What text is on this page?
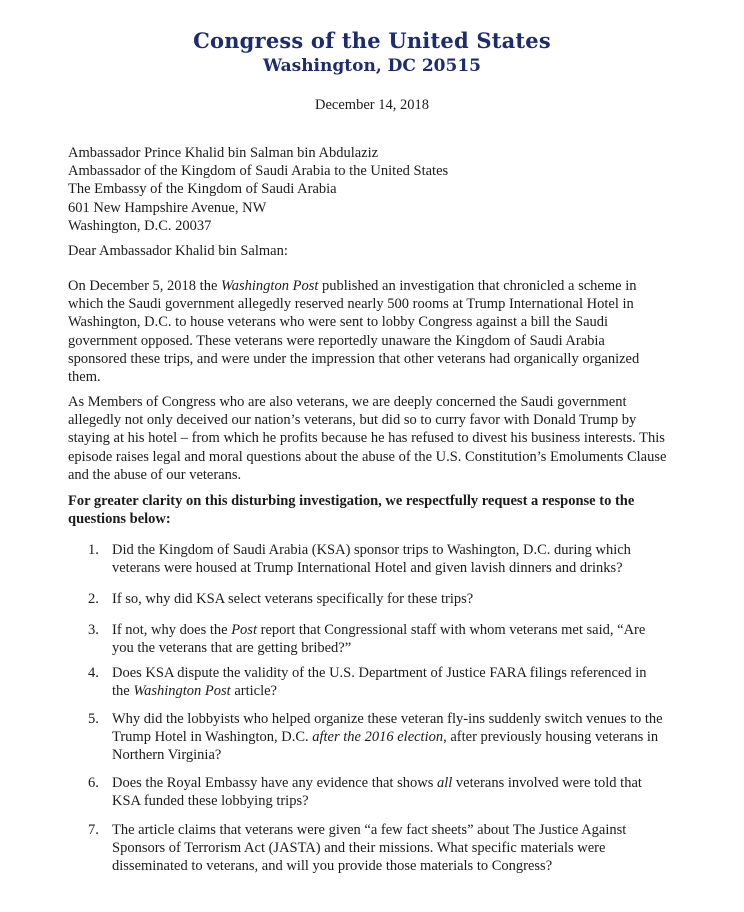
Congress of the United States
Washington, DC 20515
December 14, 2018
Ambassador Prince Khalid bin Salman bin Abdulaziz
Ambassador of the Kingdom of Saudi Arabia to the United States
The Embassy of the Kingdom of Saudi Arabia
601 New Hampshire Avenue, NW
Washington, D.C. 20037
Dear Ambassador Khalid bin Salman:
On December 5, 2018 the Washington Post published an investigation that chronicled a scheme in
which the Saudi government allegedly reserved nearly 500 rooms at Trump International Hotel in
Washington, D.C. to house veterans who were sent to lobby Congress against a bill the Saudi
government opposed. These veterans were reportedly unaware the Kingdom of Saudi Arabia
sponsored these trips, and were under the impression that other veterans had organically organized
them.
As Members of Congress who are also veterans, we are deeply concerned the Saudi government
allegedly not only deceived our nation’s veterans, but did so to curry favor with Donald Trump by
staying at his hotel – from which he profits because he has refused to divest his business interests. This
episode raises legal and moral questions about the abuse of the U.S. Constitution’s Emoluments Clause
and the abuse of our veterans.
For greater clarity on this disturbing investigation, we respectfully request a response to the
questions below:
1. Did the Kingdom of Saudi Arabia (KSA) sponsor trips to Washington, D.C. during which
veterans were housed at Trump International Hotel and given lavish dinners and drinks?
2. If so, why did KSA select veterans specifically for these trips?
3. If not, why does the Post report that Congressional staff with whom veterans met said, “Are
you the veterans that are getting bribed?”
4. Does KSA dispute the validity of the U.S. Department of Justice FARA filings referenced in
the Washington Post article?
5. Why did the lobbyists who helped organize these veteran fly-ins suddenly switch venues to the
Trump Hotel in Washington, D.C. after the 2016 election, after previously housing veterans in
Northern Virginia?
6. Does the Royal Embassy have any evidence that shows all veterans involved were told that
KSA funded these lobbying trips?
7. The article claims that veterans were given “a few fact sheets” about The Justice Against
Sponsors of Terrorism Act (JASTA) and their missions. What specific materials were
disseminated to veterans, and will you provide those materials to Congress?
